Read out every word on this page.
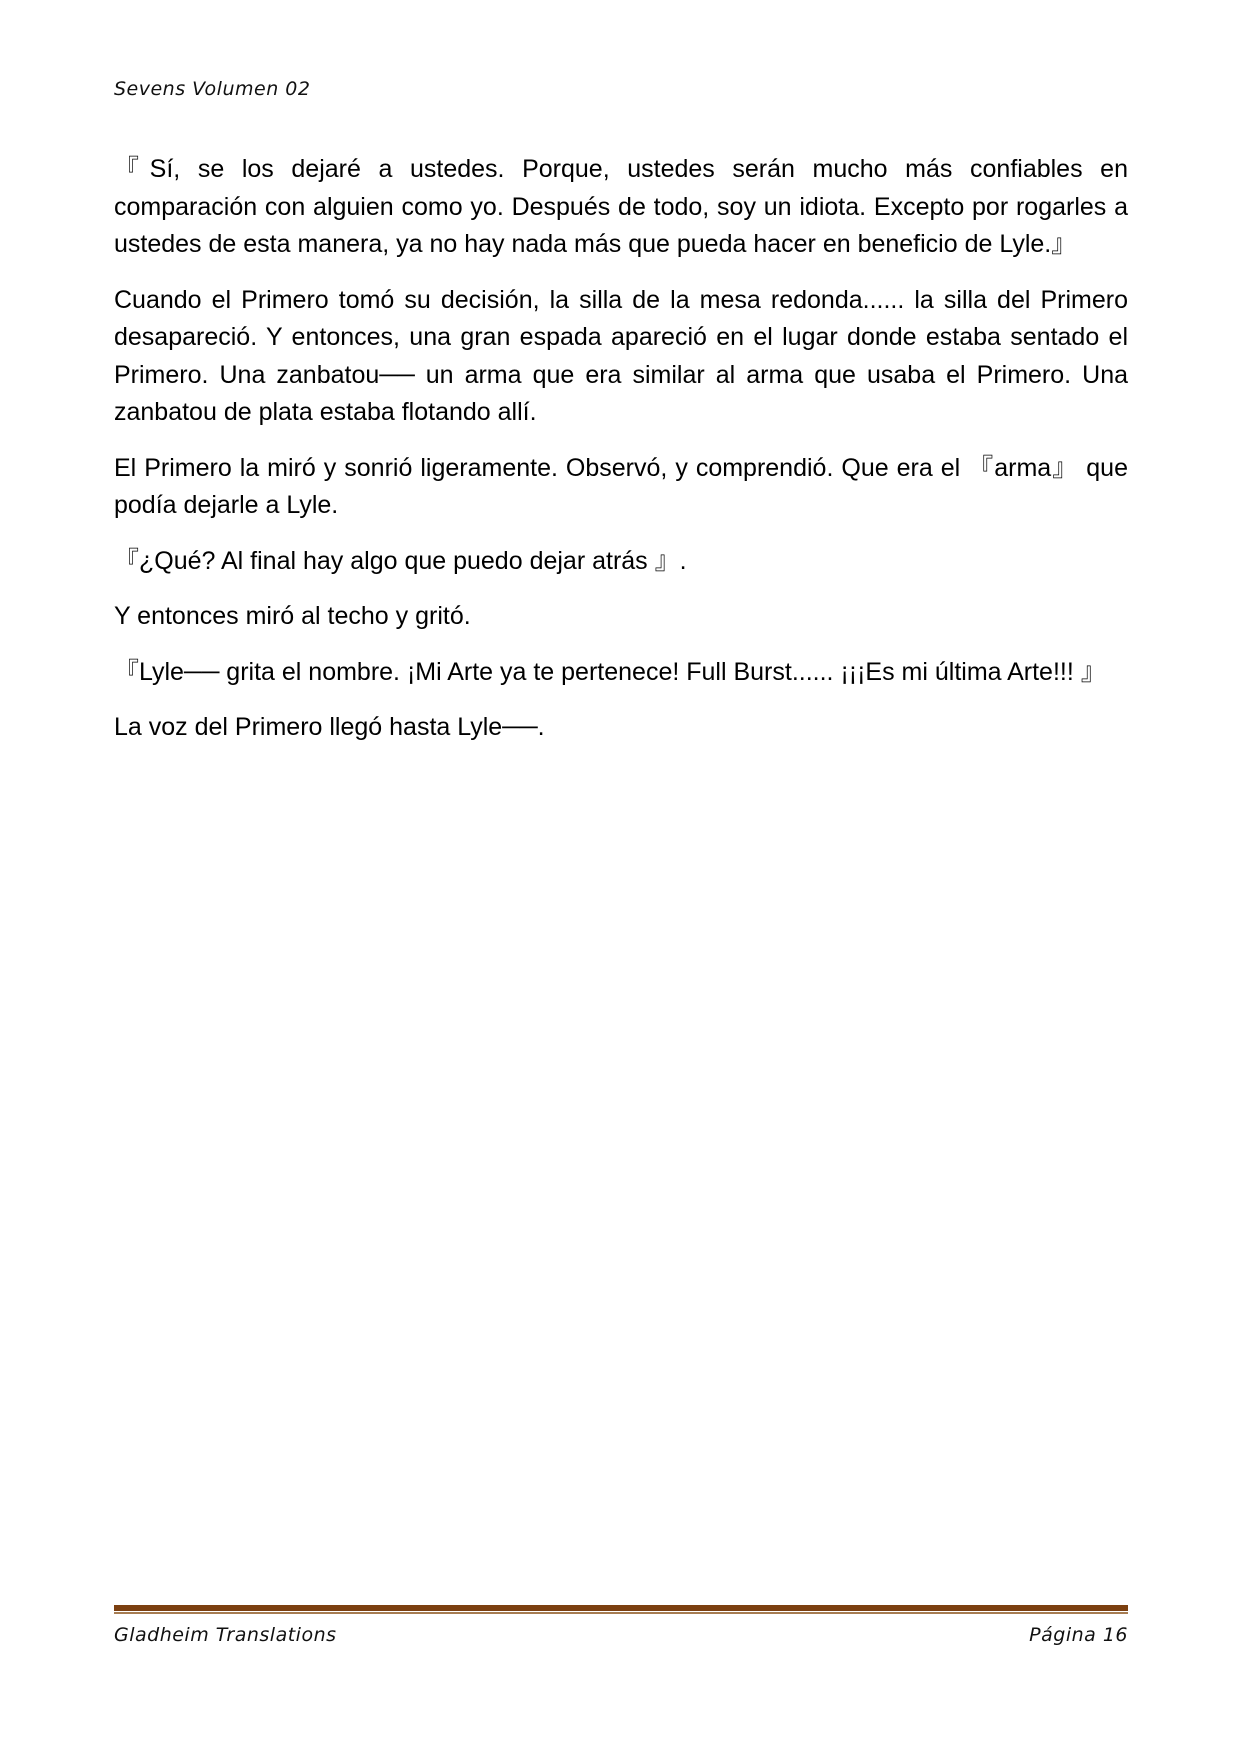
Sevens Volumen 02

『Sí, se los dejaré a ustedes. Porque, ustedes serán mucho más confiables en comparación con alguien como yo. Después de todo, soy un idiota. Excepto por rogarles a ustedes de esta manera, ya no hay nada más que pueda hacer en beneficio de Lyle.』

Cuando el Primero tomó su decisión, la silla de la mesa redonda...... la silla del Primero desapareció. Y entonces, una gran espada apareció en el lugar donde estaba sentado el Primero. Una zanbatou── un arma que era similar al arma que usaba el Primero. Una zanbatou de plata estaba flotando allí.

El Primero la miró y sonrió ligeramente. Observó, y comprendió. Que era el 『arma』 que podía dejarle a Lyle.

『¿Qué? Al final hay algo que puedo dejar atrás 』.

Y entonces miró al techo y gritó.

『Lyle── grita el nombre. ¡Mi Arte ya te pertenece! Full Burst...... ¡¡¡Es mi última Arte!!! 』

La voz del Primero llegó hasta Lyle──.

Gladheim Translations	Página 16
